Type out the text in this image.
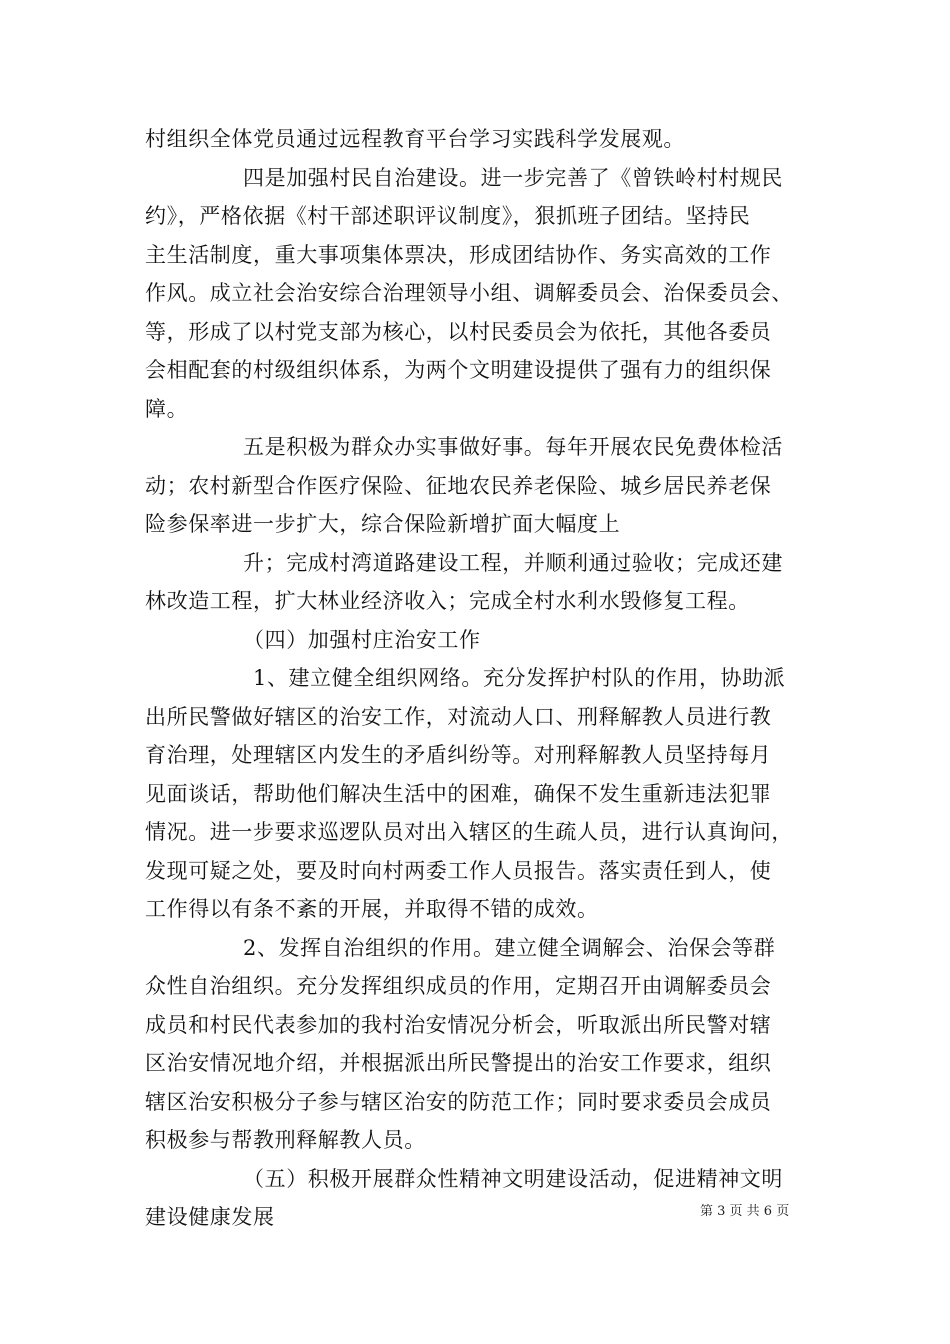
村组织全体党员通过远程教育平台学习实践科学发展观。
四是加强村民自治建设。进一步完善了《曾铁岭村村规民
约》，严格依据《村干部述职评议制度》，狠抓班子团结。坚持民
主生活制度，重大事项集体票决，形成团结协作、务实高效的工作
作风。成立社会治安综合治理领导小组、调解委员会、治保委员会、
等，形成了以村党支部为核心，以村民委员会为依托，其他各委员
会相配套的村级组织体系，为两个文明建设提供了强有力的组织保
障。
五是积极为群众办实事做好事。每年开展农民免费体检活
动；农村新型合作医疗保险、征地农民养老保险、城乡居民养老保
险参保率进一步扩大，综合保险新增扩面大幅度上
升；完成村湾道路建设工程，并顺利通过验收；完成还建
林改造工程，扩大林业经济收入；完成全村水利水毁修复工程。
（四）加强村庄治安工作
1、建立健全组织网络。充分发挥护村队的作用，协助派
出所民警做好辖区的治安工作，对流动人口、刑释解教人员进行教
育治理，处理辖区内发生的矛盾纠纷等。对刑释解教人员坚持每月
见面谈话，帮助他们解决生活中的困难，确保不发生重新违法犯罪
情况。进一步要求巡逻队员对出入辖区的生疏人员，进行认真询问，
发现可疑之处，要及时向村两委工作人员报告。落实责任到人，使
工作得以有条不紊的开展，并取得不错的成效。
2、发挥自治组织的作用。建立健全调解会、治保会等群
众性自治组织。充分发挥组织成员的作用，定期召开由调解委员会
成员和村民代表参加的我村治安情况分析会，听取派出所民警对辖
区治安情况地介绍，并根据派出所民警提出的治安工作要求，组织
辖区治安积极分子参与辖区治安的防范工作；同时要求委员会成员
积极参与帮教刑释解教人员。
（五）积极开展群众性精神文明建设活动，促进精神文明
建设健康发展	第 3 页 共 6 页
